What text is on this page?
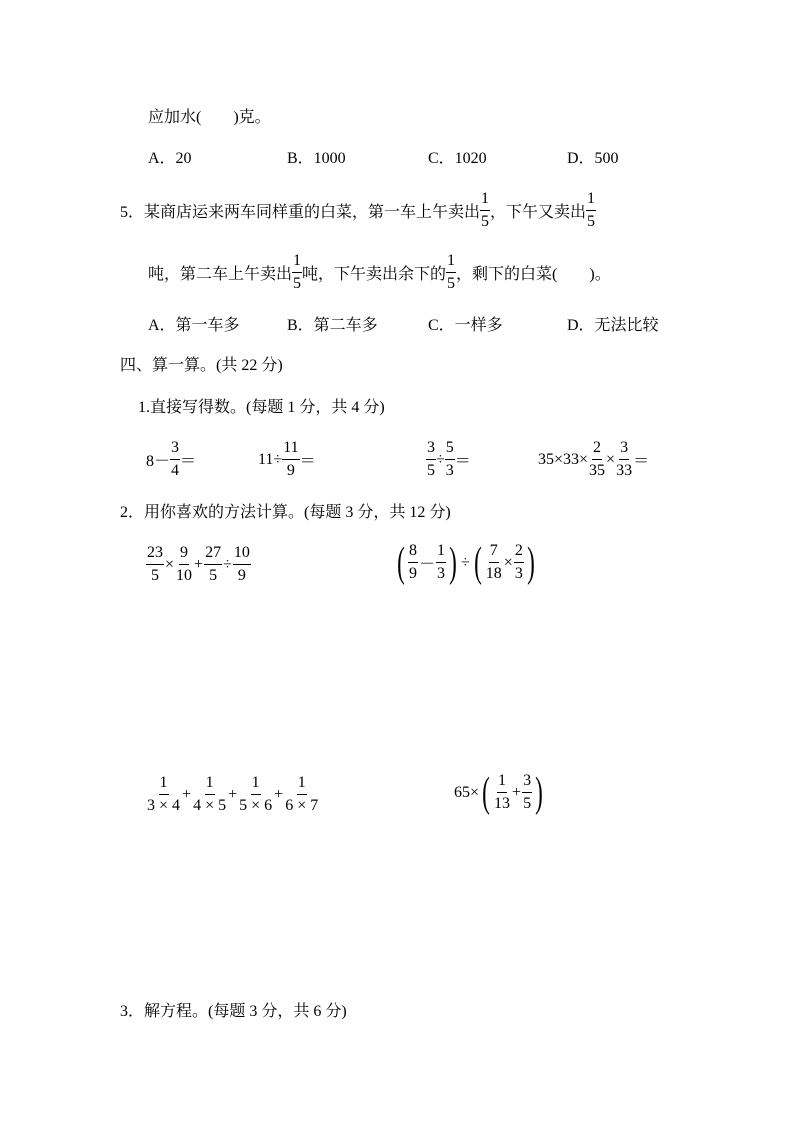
应加水(　　)克。
A．20	B．1000	C．1020	D．500
5．某商店运来两车同样重的白菜，第一车上午卖出 $\frac{1}{5}$ ，下午又卖出 $\frac{1}{5}$
吨，第二车上午卖出 $\frac{1}{5}$ 吨，下午卖出余下的 $\frac{1}{5}$ ，剩下的白菜(　　)。
A．第一车多	B．第二车多	C．一样多	D．无法比较
四、算一算。(共 22 分)
1.直接写得数。(每题 1 分，共 4 分)
$8- \frac{3}{4}$ ＝	$11\div \frac{11}{9}$ ＝	$\frac{3}{5} \div \frac{5}{3}$ ＝	$35\times 33\times \frac{2}{35} \times \frac{3}{33}$ ＝
2．用你喜欢的方法计算。(每题 3 分，共 12 分)
$\frac{23}{5} \times \frac{9}{10} + \frac{27}{5} \div \frac{10}{9}$	( $\frac{8}{9} - \frac{1}{3}$ ) ÷ ( $\frac{7}{18} \times \frac{2}{3}$ )
$\frac{1}{3 \times 4} + \frac{1}{4 \times 5} + \frac{1}{5 \times 6} + \frac{1}{6 \times 7}$	65× ( $\frac{1}{13} + \frac{3}{5}$ )
3．解方程。(每题 3 分，共 6 分)
